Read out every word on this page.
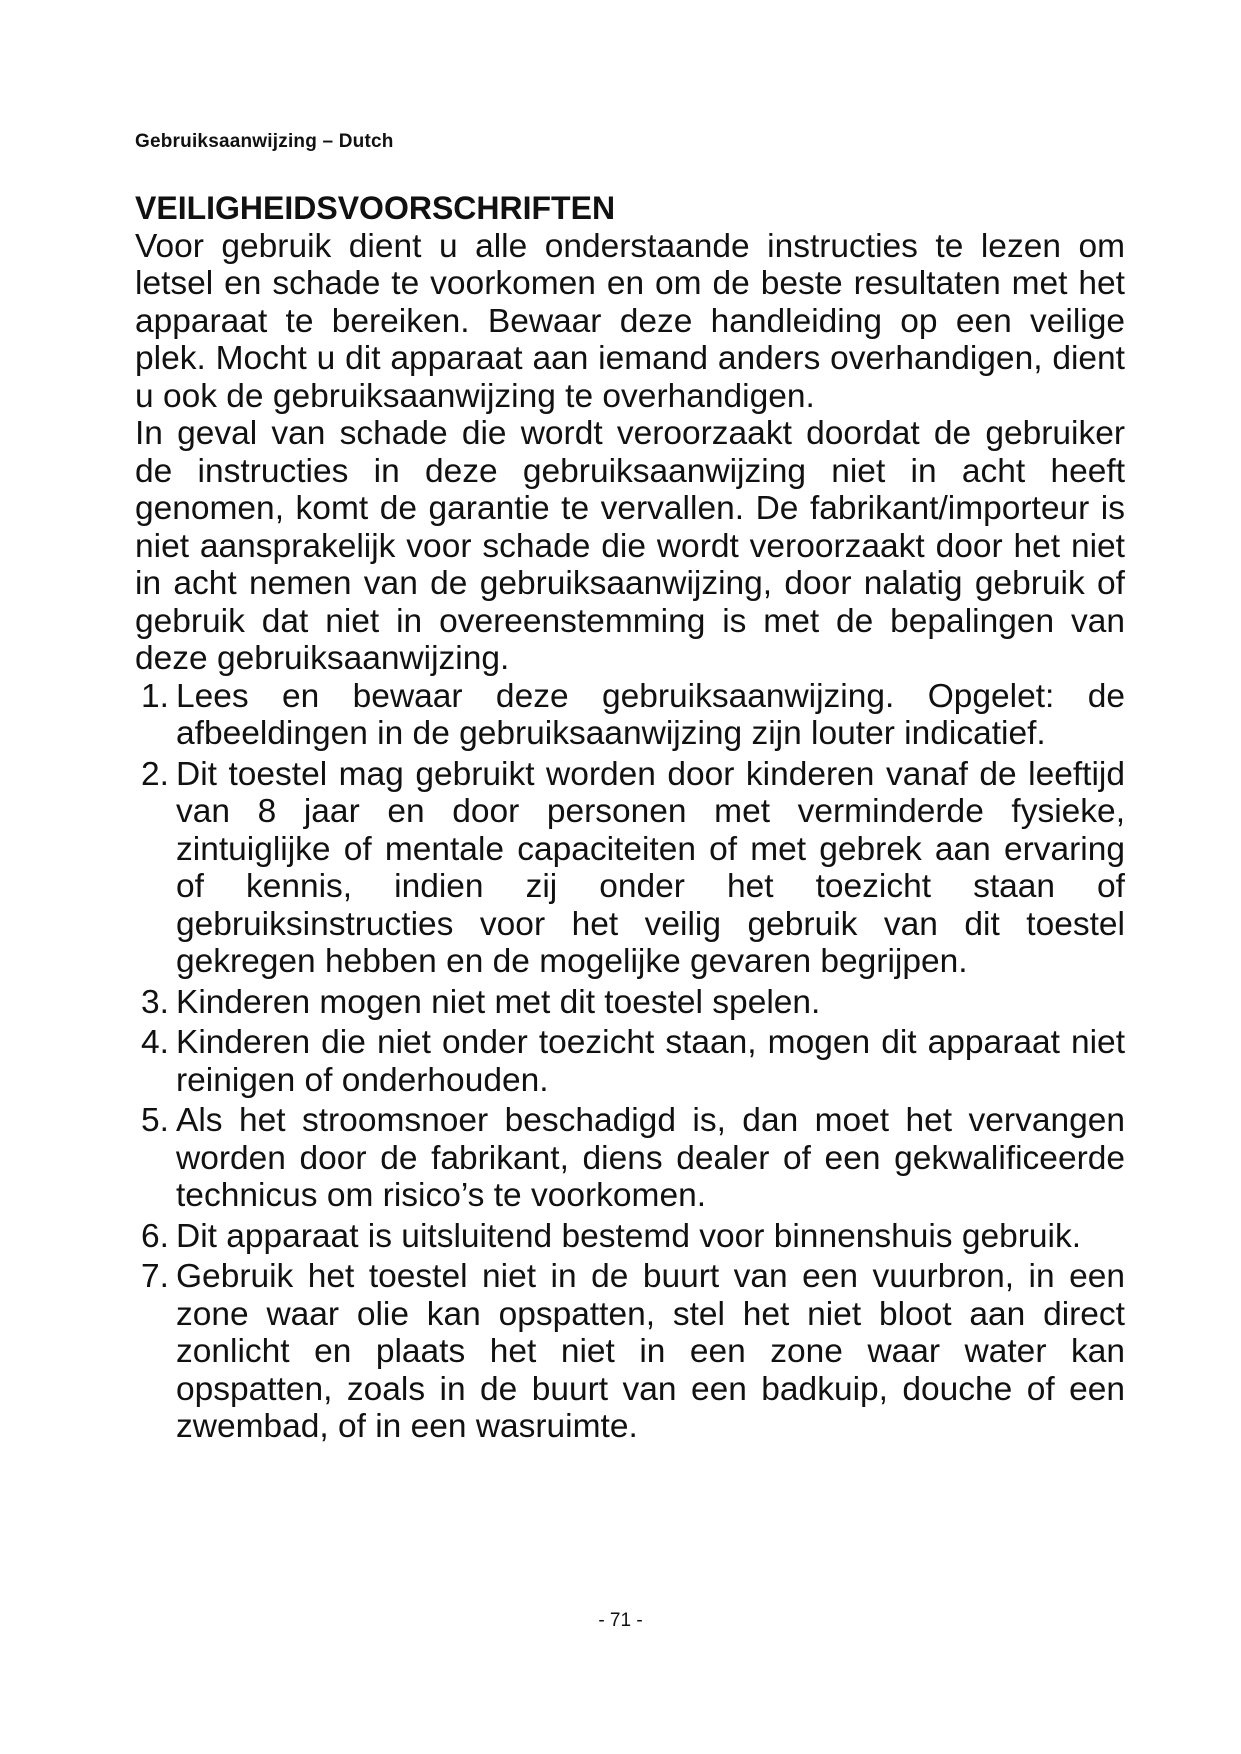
Gebruiksaanwijzing – Dutch
VEILIGHEIDSVOORSCHRIFTEN

Voor gebruik dient u alle onderstaande instructies te lezen om letsel en schade te voorkomen en om de beste resultaten met het apparaat te bereiken. Bewaar deze handleiding op een veilige plek. Mocht u dit apparaat aan iemand anders overhandigen, dient u ook de gebruiksaanwijzing te overhandigen.

In geval van schade die wordt veroorzaakt doordat de gebruiker de instructies in deze gebruiksaanwijzing niet in acht heeft genomen, komt de garantie te vervallen. De fabrikant/importeur is niet aansprakelijk voor schade die wordt veroorzaakt door het niet in acht nemen van de gebruiksaanwijzing, door nalatig gebruik of gebruik dat niet in overeenstemming is met de bepalingen van deze gebruiksaanwijzing.

1. Lees en bewaar deze gebruiksaanwijzing. Opgelet: de afbeeldingen in de gebruiksaanwijzing zijn louter indicatief.
2. Dit toestel mag gebruikt worden door kinderen vanaf de leeftijd van 8 jaar en door personen met verminderde fysieke, zintuiglijke of mentale capaciteiten of met gebrek aan ervaring of kennis, indien zij onder het toezicht staan of gebruiksinstructies voor het veilig gebruik van dit toestel gekregen hebben en de mogelijke gevaren begrijpen.
3. Kinderen mogen niet met dit toestel spelen.
4. Kinderen die niet onder toezicht staan, mogen dit apparaat niet reinigen of onderhouden.
5. Als het stroomsnoer beschadigd is, dan moet het vervangen worden door de fabrikant, diens dealer of een gekwalificeerde technicus om risico’s te voorkomen.
6. Dit apparaat is uitsluitend bestemd voor binnenshuis gebruik.
7. Gebruik het toestel niet in de buurt van een vuurbron, in een zone waar olie kan opspatten, stel het niet bloot aan direct zonlicht en plaats het niet in een zone waar water kan opspatten, zoals in de buurt van een badkuip, douche of een zwembad, of in een wasruimte.
- 71 -
